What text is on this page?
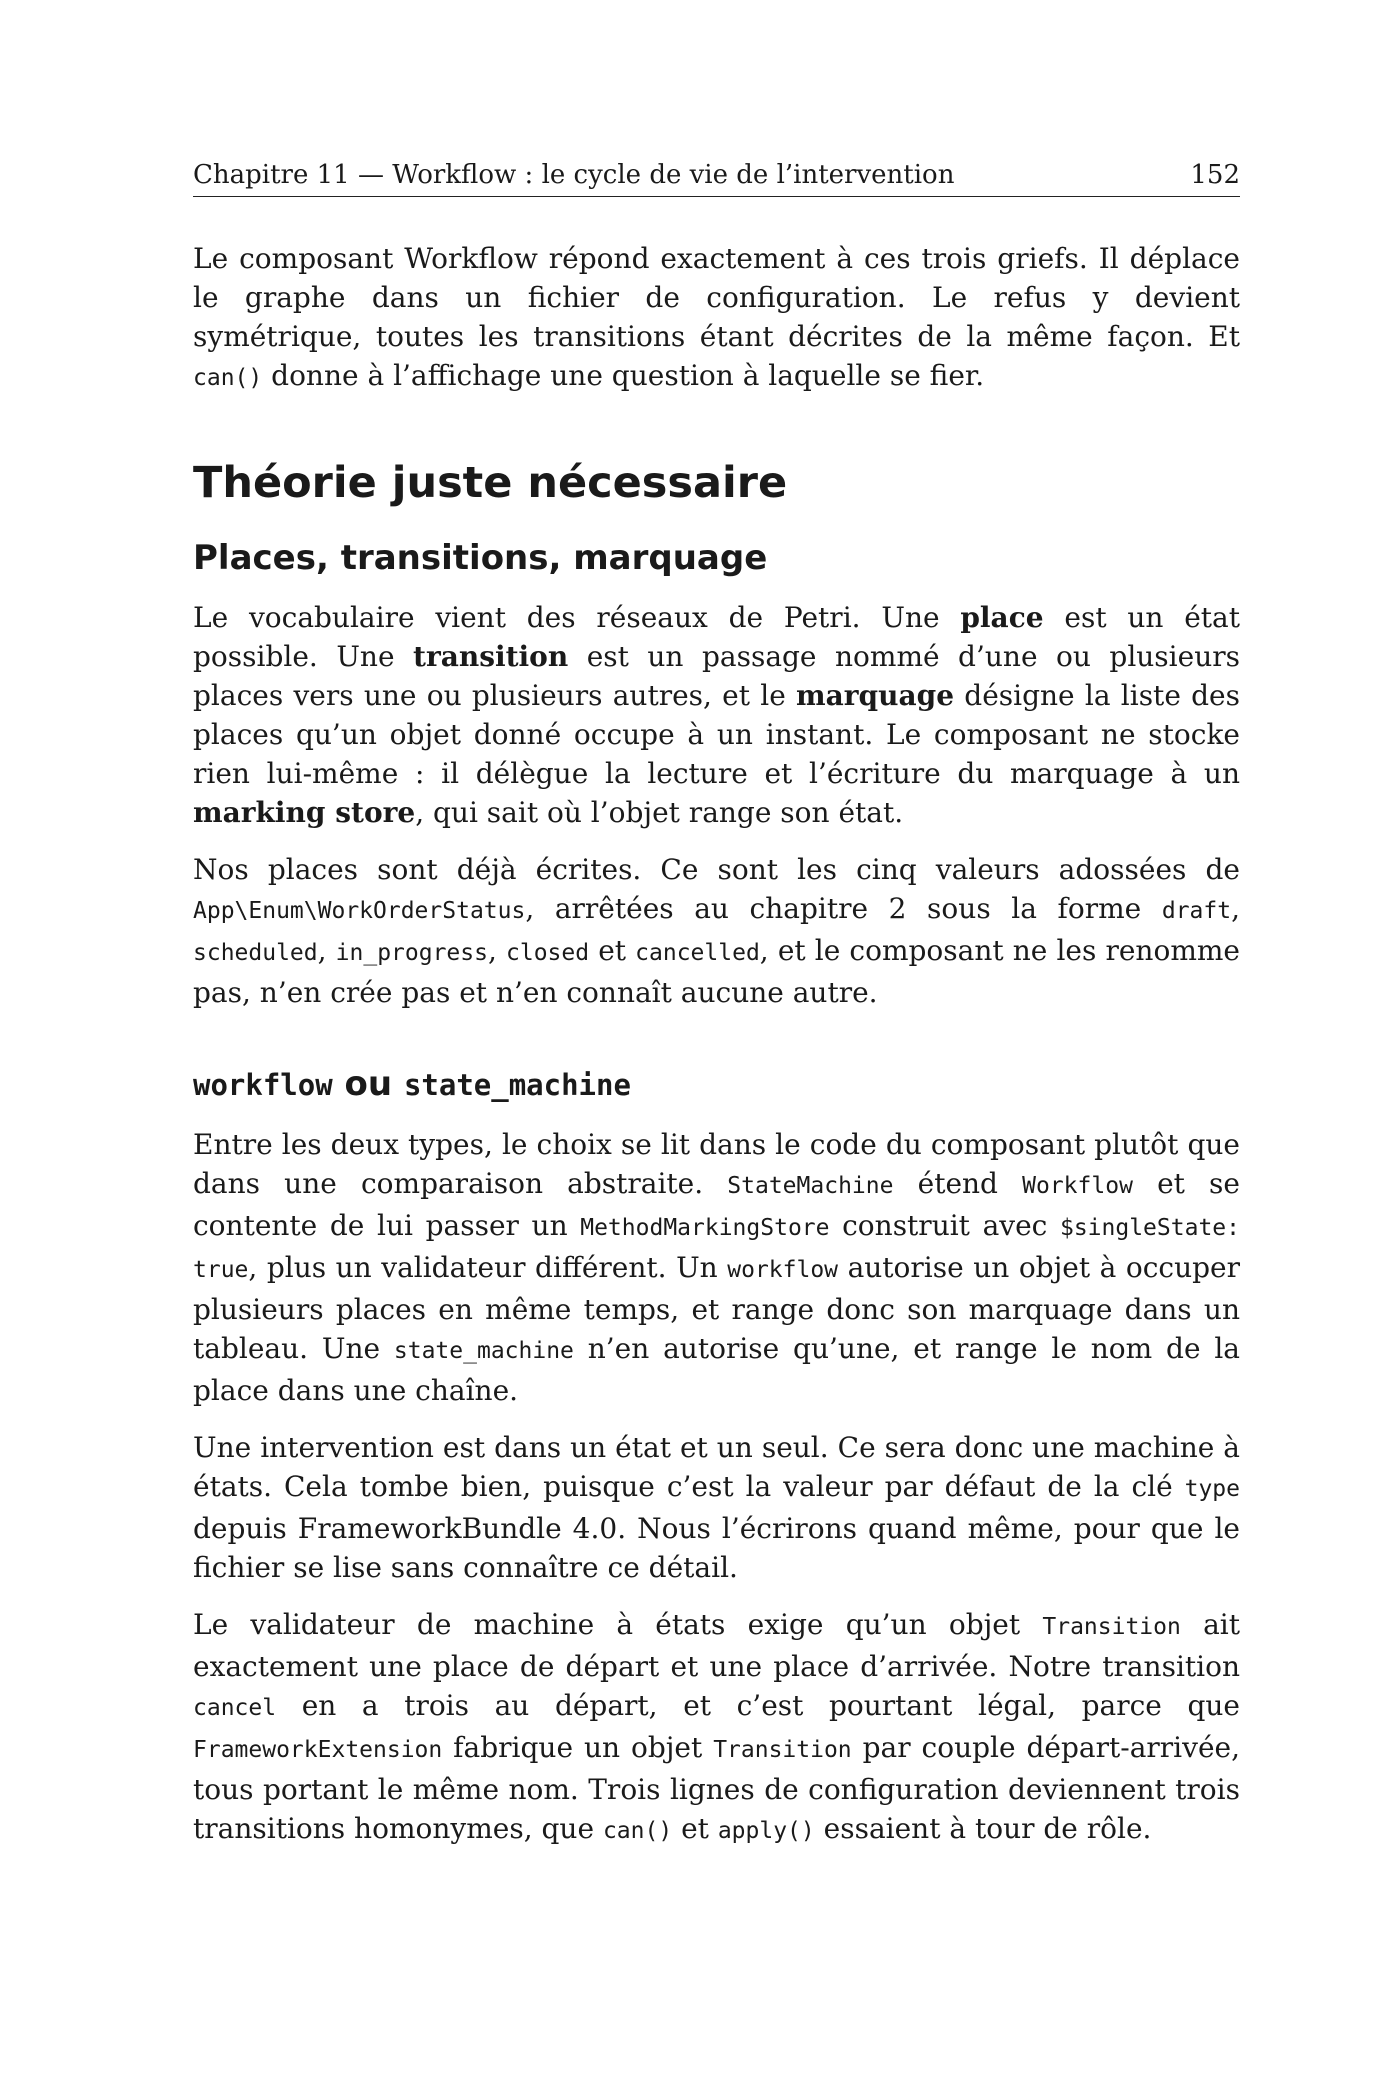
Chapitre 11 — Workflow : le cycle de vie de l’intervention	152

Le composant Workflow répond exactement à ces trois griefs. Il déplace le graphe dans un fichier de configuration. Le refus y devient symétrique, toutes les transitions étant décrites de la même façon. Et can() donne à l’affichage une question à laquelle se fier.

Théorie juste nécessaire
Places, transitions, marquage

Le vocabulaire vient des réseaux de Petri. Une place est un état possible. Une transition est un passage nommé d’une ou plusieurs places vers une ou plusieurs autres, et le marquage désigne la liste des places qu’un objet donné occupe à un instant. Le composant ne stocke rien lui-même : il délègue la lecture et l’écriture du marquage à un marking store, qui sait où l’objet range son état.

Nos places sont déjà écrites. Ce sont les cinq valeurs adossées de App\Enum\WorkOrderStatus, arrêtées au chapitre 2 sous la forme draft, scheduled, in_progress, closed et cancelled, et le composant ne les renomme pas, n’en crée pas et n’en connaît aucune autre.

workflow ou state_machine

Entre les deux types, le choix se lit dans le code du composant plutôt que dans une comparaison abstraite. StateMachine étend Workflow et se contente de lui passer un MethodMarkingStore construit avec $singleState: true, plus un validateur différent. Un workflow autorise un objet à occuper plusieurs places en même temps, et range donc son marquage dans un tableau. Une state_machine n’en autorise qu’une, et range le nom de la place dans une chaîne.

Une intervention est dans un état et un seul. Ce sera donc une machine à états. Cela tombe bien, puisque c’est la valeur par défaut de la clé type depuis FrameworkBundle 4.0. Nous l’écrirons quand même, pour que le fichier se lise sans connaître ce détail.

Le validateur de machine à états exige qu’un objet Transition ait exactement une place de départ et une place d’arrivée. Notre transition cancel en a trois au départ, et c’est pourtant légal, parce que FrameworkExtension fabrique un objet Transition par couple départ-arrivée, tous portant le même nom. Trois lignes de configuration deviennent trois transitions homonymes, que can() et apply() essaient à tour de rôle.
